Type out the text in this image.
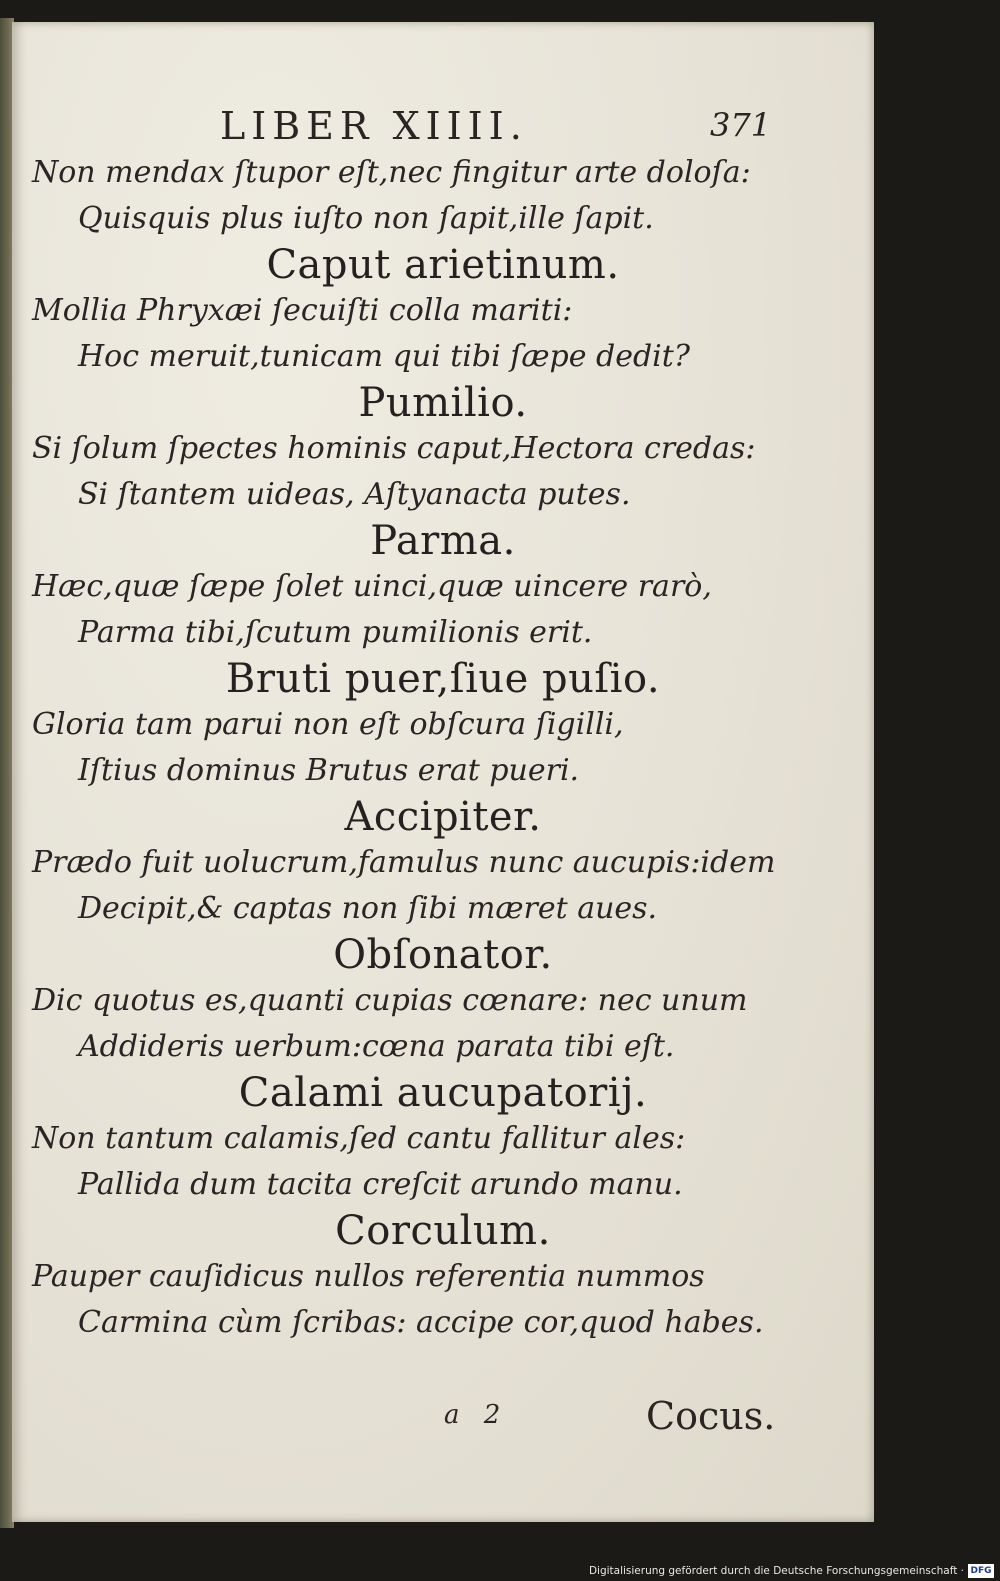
LIBER XIIII.	371
Non mendax ſtupor eſt,nec fingitur arte doloſa:
Quisquis plus iuſto non ſapit,ille ſapit.
Caput arietinum.
Mollia Phryxæi ſecuiſti colla mariti:
Hoc meruit,tunicam qui tibi ſæpe dedit?
Pumilio.
Si ſolum ſpectes hominis caput,Hectora credas:
Si ſtantem uideas, Aſtyanacta putes.
Parma.
Hæc,quæ ſæpe ſolet uinci,quæ uincere rarò,
Parma tibi,ſcutum pumilionis erit.
Bruti puer,ſiue puſio.
Gloria tam parui non eſt obſcura ſigilli,
Iſtius dominus Brutus erat pueri.
Accipiter.
Prædo fuit uolucrum,famulus nunc aucupis:idem
Decipit,& captas non ſibi mæret aues.
Obſonator.
Dic quotus es,quanti cupias cœnare: nec unum
Addideris uerbum:cœna parata tibi eſt.
Calami aucupatorij.
Non tantum calamis,ſed cantu fallitur ales:
Pallida dum tacita creſcit arundo manu.
Corculum.
Pauper cauſidicus nullos referentia nummos
Carmina cùm ſcribas: accipe cor,quod habes.
a 2	Cocus.
Digitalisierung gefördert durch die Deutsche Forschungsgemeinschaft · DFG
